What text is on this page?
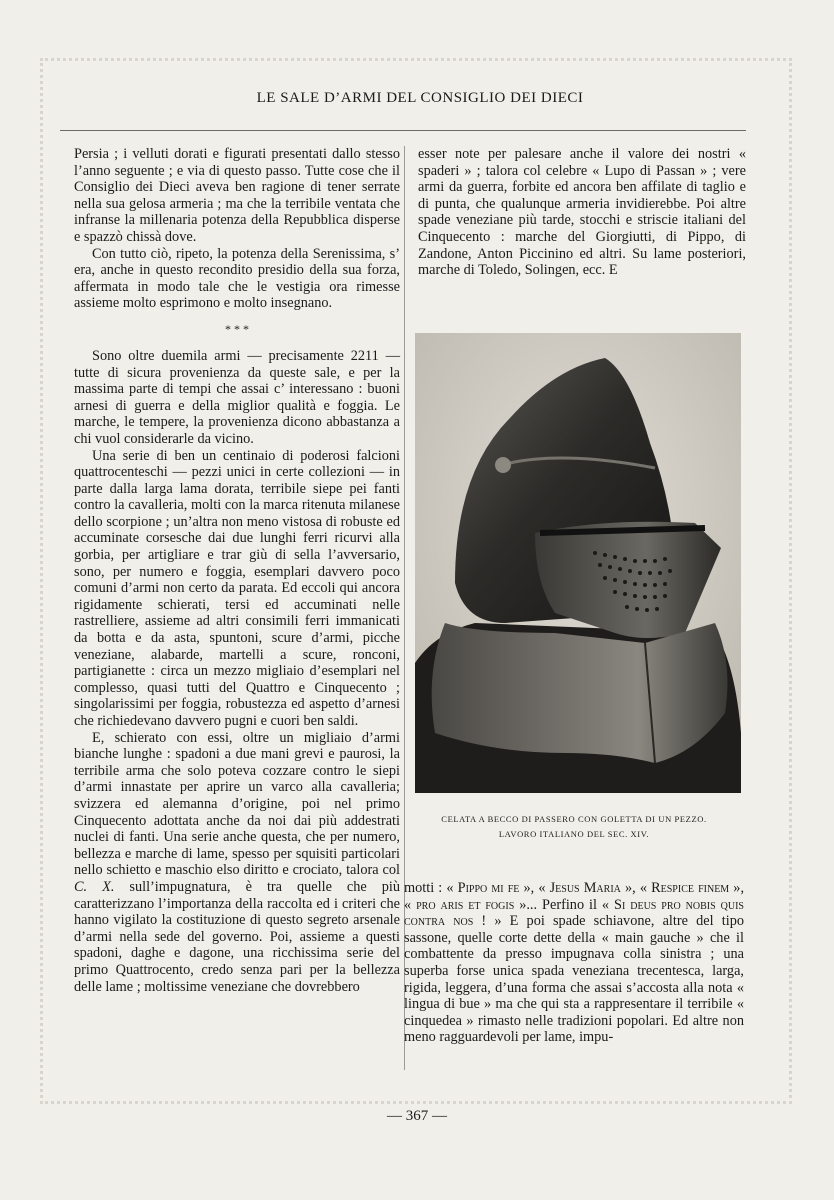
LE SALE D’ARMI DEL CONSIGLIO DEI DIECI

Persia ; i velluti dorati e figurati presentati dallo stesso l’anno seguente ; e via di questo passo. Tutte cose che il Consiglio dei Dieci aveva ben ragione di tener serrate nella sua gelosa armeria ; ma che la terribile ventata che infranse la millenaria potenza della Repubblica disperse e spazzò chissà dove.

Con tutto ciò, ripeto, la potenza della Serenissima, s’ era, anche in questo recondito presidio della sua forza, affermata in modo tale che le vestigia ora rimesse assieme molto esprimono e molto insegnano.

* * *

Sono oltre duemila armi — precisamente 2211 — tutte di sicura provenienza da queste sale, e per la massima parte di tempi che assai c’ interessano : buoni arnesi di guerra e della miglior qualità e foggia. Le marche, le tempere, la provenienza dicono abbastanza a chi vuol considerarle da vicino.

Una serie di ben un centinaio di poderosi falcioni quattrocenteschi — pezzi unici in certe collezioni — in parte dalla larga lama dorata, terribile siepe pei fanti contro la cavalleria, molti con la marca ritenuta milanese dello scorpione ; un’altra non meno vistosa di robuste ed accuminate corsesche dai due lunghi ferri ricurvi alla gorbia, per artigliare e trar giù di sella l’avversario, sono, per numero e foggia, esemplari davvero poco comuni d’armi non certo da parata. Ed eccoli qui ancora rigidamente schierati, tersi ed accuminati nelle rastrelliere, assieme ad altri consimili ferri immanicati da botta e da asta, spuntoni, scure d’armi, picche veneziane, alabarde, martelli a scure, ronconi, partigianette : circa un mezzo migliaio d’esemplari nel complesso, quasi tutti del Quattro e Cinquecento ; singolarissimi per foggia, robustezza ed aspetto d’arnesi che richiedevano davvero pugni e cuori ben saldi.

E, schierato con essi, oltre un migliaio d’armi bianche lunghe : spadoni a due mani grevi e paurosi, la terribile arma che solo poteva cozzare contro le siepi d’armi innastate per aprire un varco alla cavalleria; svizzera ed alemanna d’origine, poi nel primo Cinquecento adottata anche da noi dai più addestrati nuclei di fanti. Una serie anche questa, che per numero, bellezza e marche di lame, spesso per squisiti particolari nello schietto e maschio elso diritto e crociato, talora col C. X. sull’impugnatura, è tra quelle che più caratterizzano l’importanza della raccolta ed i criteri che hanno vigilato la costituzione di questo segreto arsenale d’armi nella sede del governo. Poi, assieme a questi spadoni, daghe e dagone, una ricchissima serie del primo Quattrocento, credo senza pari per la bellezza delle lame ; moltissime veneziane che dovrebbero

esser note per palesare anche il valore dei nostri « spaderi » ; talora col celebre « Lupo di Passan » ; vere armi da guerra, forbite ed ancora ben affilate di taglio e di punta, che qualunque armeria invidierebbe. Poi altre spade veneziane più tarde, stocchi e striscie italiani del Cinquecento : marche del Giorgiutti, di Pippo, di Zandone, Anton Piccinino ed altri. Su lame posteriori, marche di Toledo, Solingen, ecc. E

CELATA A BECCO DI PASSERO CON GOLETTA DI UN PEZZO.
LAVORO ITALIANO DEL SEC. XIV.

motti : « Pippo mi fe », « Jesus Maria », « Respice finem », « pro aris et fogis »... Perfino il « Si deus pro nobis quis contra nos ! » E poi spade schiavone, altre del tipo sassone, quelle corte dette della « main gauche » che il combattente da presso impugnava colla sinistra ; una superba forse unica spada veneziana trecentesca, larga, rigida, leggera, d’una forma che assai s’accosta alla nota « lingua di bue » ma che qui sta a rappresentare il terribile « cinquedea » rimasto nelle tradizioni popolari. Ed altre non meno ragguardevoli per lame, impu-

— 367 —
